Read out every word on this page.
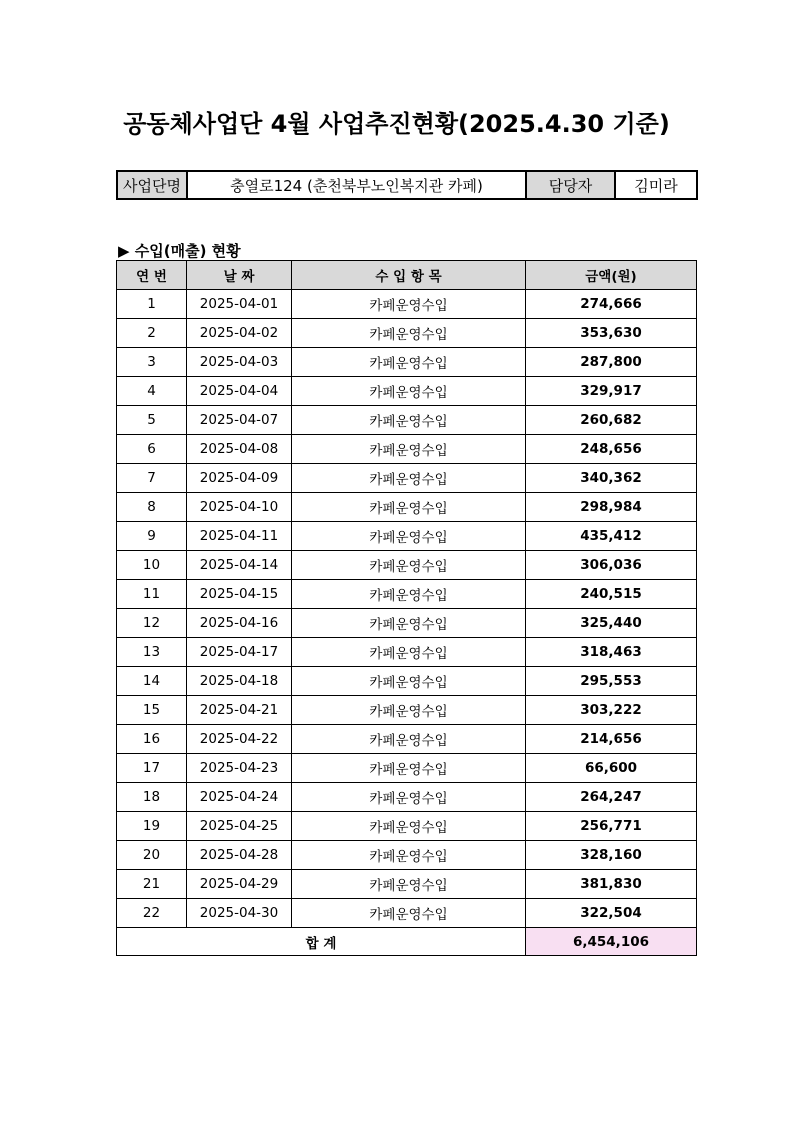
공동체사업단 4월 사업추진현황(2025.4.30 기준)
사업단명	충열로124 (춘천북부노인복지관 카페)	담당자	김미라
▶ 수입(매출) 현황
연 번	날 짜	수 입 항 목	금액(원)
1	2025-04-01	카페운영수입	274,666
2	2025-04-02	카페운영수입	353,630
3	2025-04-03	카페운영수입	287,800
4	2025-04-04	카페운영수입	329,917
5	2025-04-07	카페운영수입	260,682
6	2025-04-08	카페운영수입	248,656
7	2025-04-09	카페운영수입	340,362
8	2025-04-10	카페운영수입	298,984
9	2025-04-11	카페운영수입	435,412
10	2025-04-14	카페운영수입	306,036
11	2025-04-15	카페운영수입	240,515
12	2025-04-16	카페운영수입	325,440
13	2025-04-17	카페운영수입	318,463
14	2025-04-18	카페운영수입	295,553
15	2025-04-21	카페운영수입	303,222
16	2025-04-22	카페운영수입	214,656
17	2025-04-23	카페운영수입	66,600
18	2025-04-24	카페운영수입	264,247
19	2025-04-25	카페운영수입	256,771
20	2025-04-28	카페운영수입	328,160
21	2025-04-29	카페운영수입	381,830
22	2025-04-30	카페운영수입	322,504
합 계			6,454,106
